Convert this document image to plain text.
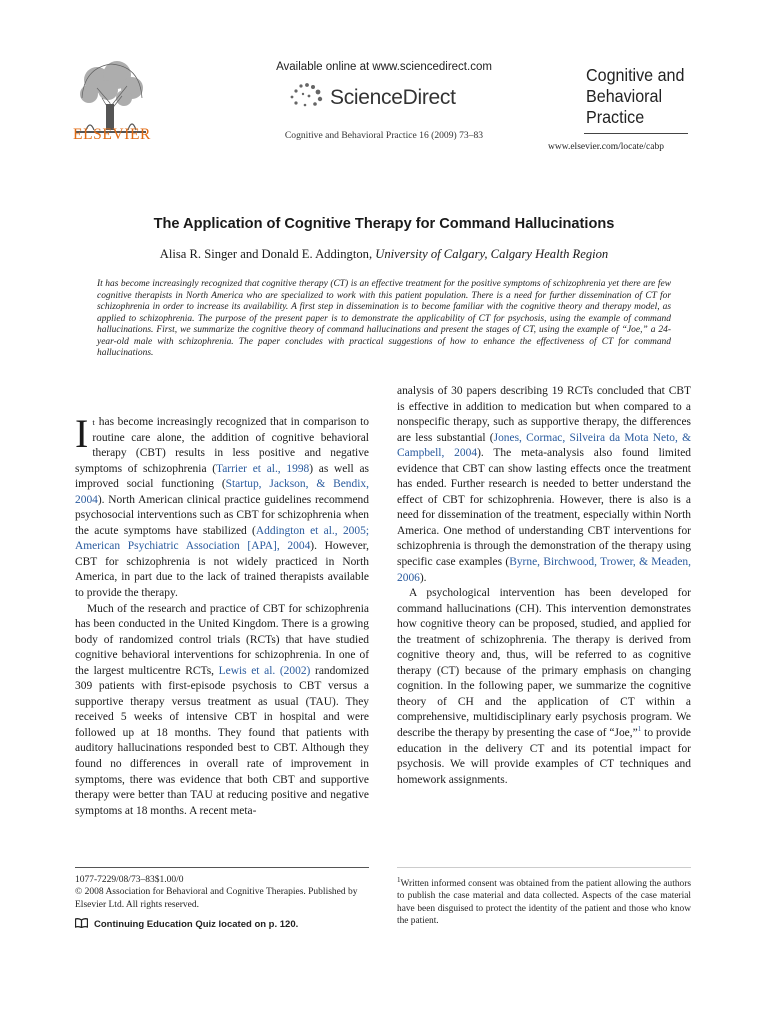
ELSEVIER
Available online at www.sciencedirect.com
ScienceDirect
Cognitive and Behavioral Practice 16 (2009) 73–83
Cognitive and
Behavioral
Practice
www.elsevier.com/locate/cabp
The Application of Cognitive Therapy for Command Hallucinations
Alisa R. Singer and Donald E. Addington, University of Calgary, Calgary Health Region
It has become increasingly recognized that cognitive therapy (CT) is an effective treatment for the positive symptoms of schizophrenia yet there are few cognitive therapists in North America who are specialized to work with this patient population. There is a need for further dissemination of CT for schizophrenia in order to increase its availability. A first step in dissemination is to become familiar with the cognitive theory and therapy model, as applied to schizophrenia. The purpose of the present paper is to demonstrate the applicability of CT for psychosis, using the example of command hallucinations. First, we summarize the cognitive theory of command hallucinations and present the stages of CT, using the example of “Joe,” a 24-year-old male with schizophrenia. The paper concludes with practical suggestions of how to enhance the effectiveness of CT for command hallucinations.

It has become increasingly recognized that in comparison to routine care alone, the addition of cognitive behavioral therapy (CBT) results in less positive and negative symptoms of schizophrenia (Tarrier et al., 1998) as well as improved social functioning (Startup, Jackson, & Bendix, 2004). North American clinical practice guidelines recommend psychosocial interventions such as CBT for schizophrenia when the acute symptoms have stabilized (Addington et al., 2005; American Psychiatric Association [APA], 2004). However, CBT for schizophrenia is not widely practiced in North America, in part due to the lack of trained therapists available to provide the therapy.

Much of the research and practice of CBT for schizophrenia has been conducted in the United Kingdom. There is a growing body of randomized control trials (RCTs) that have studied cognitive behavioral interventions for schizophrenia. In one of the largest multicentre RCTs, Lewis et al. (2002) randomized 309 patients with first-episode psychosis to CBT versus a supportive therapy versus treatment as usual (TAU). They received 5 weeks of intensive CBT in hospital and were followed up at 18 months. They found that patients with auditory hallucinations responded best to CBT. Although they found no differences in overall rate of improvement in symptoms, there was evidence that both CBT and supportive therapy were better than TAU at reducing positive and negative symptoms at 18 months. A recent meta-

analysis of 30 papers describing 19 RCTs concluded that CBT is effective in addition to medication but when compared to a nonspecific therapy, such as supportive therapy, the differences are less substantial (Jones, Cormac, Silveira da Mota Neto, & Campbell, 2004). The meta-analysis also found limited evidence that CBT can show lasting effects once the treatment has ended. Further research is needed to better understand the effect of CBT for schizophrenia. However, there is also is a need for dissemination of the treatment, especially within North America. One method of understanding CBT interventions for schizophrenia is through the demonstration of the therapy using specific case examples (Byrne, Birchwood, Trower, & Meaden, 2006).

A psychological intervention has been developed for command hallucinations (CH). This intervention demonstrates how cognitive theory can be proposed, studied, and applied for the treatment of schizophrenia. The therapy is derived from cognitive theory and, thus, will be referred to as cognitive therapy (CT) because of the primary emphasis on changing cognition. In the following paper, we summarize the cognitive theory of CH and the application of CT within a comprehensive, multidisciplinary early psychosis program. We describe the therapy by presenting the case of “Joe,”$^1$ to provide education in the delivery CT and its potential impact for psychosis. We will provide examples of CT techniques and homework assignments.

1077-7229/08/73–83$1.00/0
© 2008 Association for Behavioral and Cognitive Therapies. Published by Elsevier Ltd. All rights reserved.
Continuing Education Quiz located on p. 120.
$^1$Written informed consent was obtained from the patient allowing the authors to publish the case material and data collected. Aspects of the case material have been disguised to protect the identity of the patient and those who know the patient.
